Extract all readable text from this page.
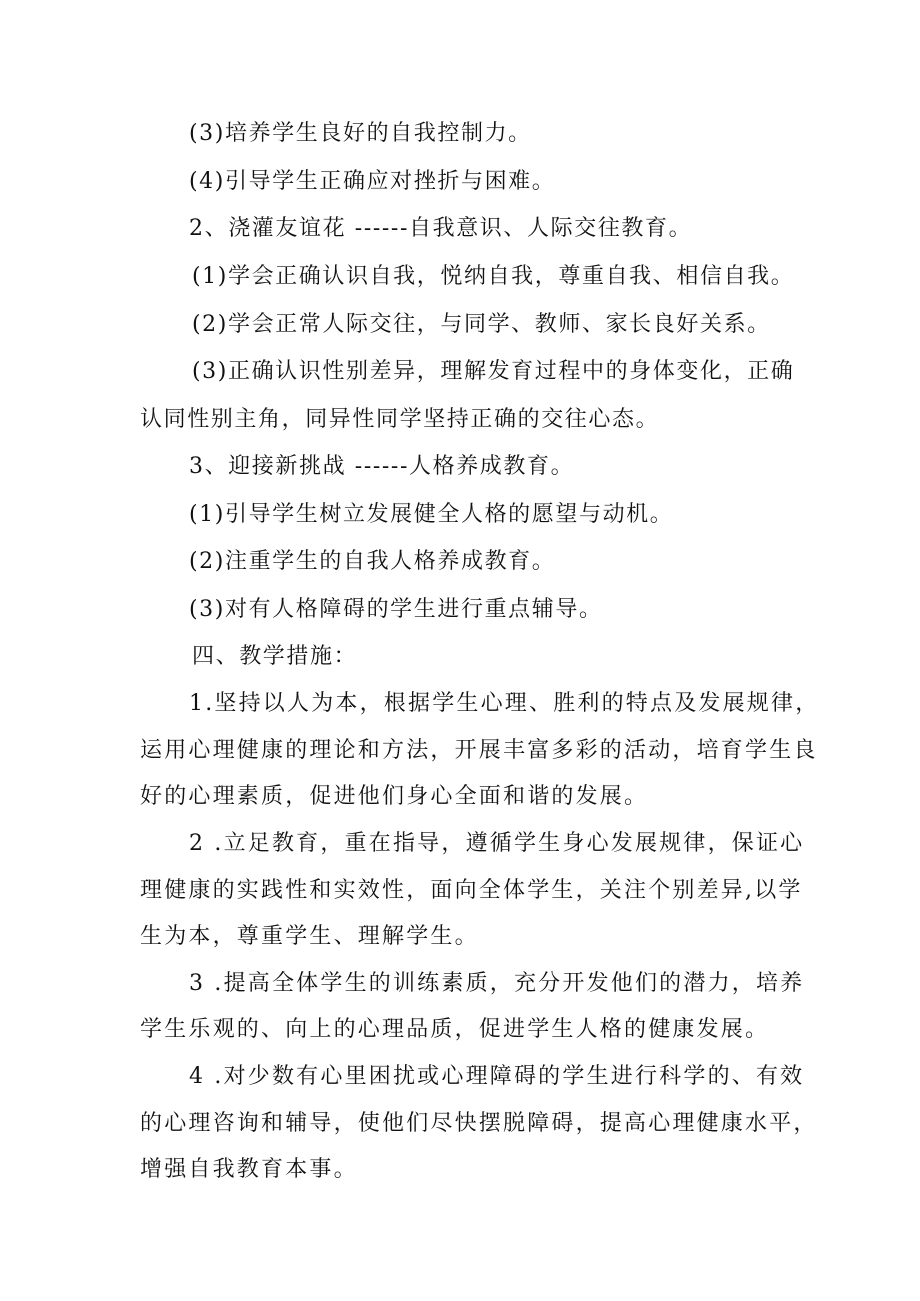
(3)培养学生良好的自我控制力。
(4)引导学生正确应对挫折与困难。
2、浇灌友谊花 ------自我意识、人际交往教育。
(1)学会正确认识自我，悦纳自我，尊重自我、相信自我。
(2)学会正常人际交往，与同学、教师、家长良好关系。
(3)正确认识性别差异，理解发育过程中的身体变化，正确
认同性别主角，同异性同学坚持正确的交往心态。
3、迎接新挑战 ------人格养成教育。
(1)引导学生树立发展健全人格的愿望与动机。
(2)注重学生的自我人格养成教育。
(3)对有人格障碍的学生进行重点辅导。
四、教学措施：
1.坚持以人为本，根据学生心理、胜利的特点及发展规律，
运用心理健康的理论和方法，开展丰富多彩的活动，培育学生良
好的心理素质，促进他们身心全面和谐的发展。
2 .立足教育，重在指导，遵循学生身心发展规律，保证心
理健康的实践性和实效性，面向全体学生，关注个别差异,以学
生为本，尊重学生、理解学生。
3 .提高全体学生的训练素质，充分开发他们的潜力，培养
学生乐观的、向上的心理品质，促进学生人格的健康发展。
4 .对少数有心里困扰或心理障碍的学生进行科学的、有效
的心理咨询和辅导，使他们尽快摆脱障碍，提高心理健康水平，
增强自我教育本事。
